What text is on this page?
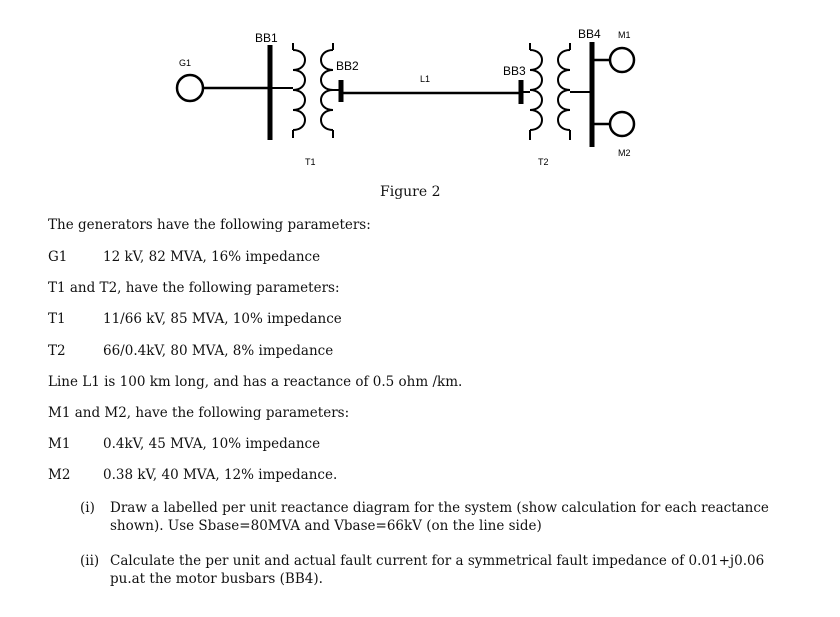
G1
BB1
T1
BB2
L1
BB3
T2
BB4 M1
M2
Figure 2
The generators have the following parameters:
G1	12 kV, 82 MVA, 16% impedance
T1 and T2, have the following parameters:
T1	11/66 kV, 85 MVA, 10% impedance
T2	66/0.4kV, 80 MVA, 8% impedance
Line L1 is 100 km long, and has a reactance of 0.5 ohm /km.
M1 and M2, have the following parameters:
M1 0.4kV, 45 MVA, 10% impedance
M2 0.38 kV, 40 MVA, 12% impedance.
(i) Draw a labelled per unit reactance diagram for the system (show calculation for each reactance shown). Use Sbase=80MVA and Vbase=66kV (on the line side)
(ii) Calculate the per unit and actual fault current for a symmetrical fault impedance of 0.01+j0.06 pu.at the motor busbars (BB4).
